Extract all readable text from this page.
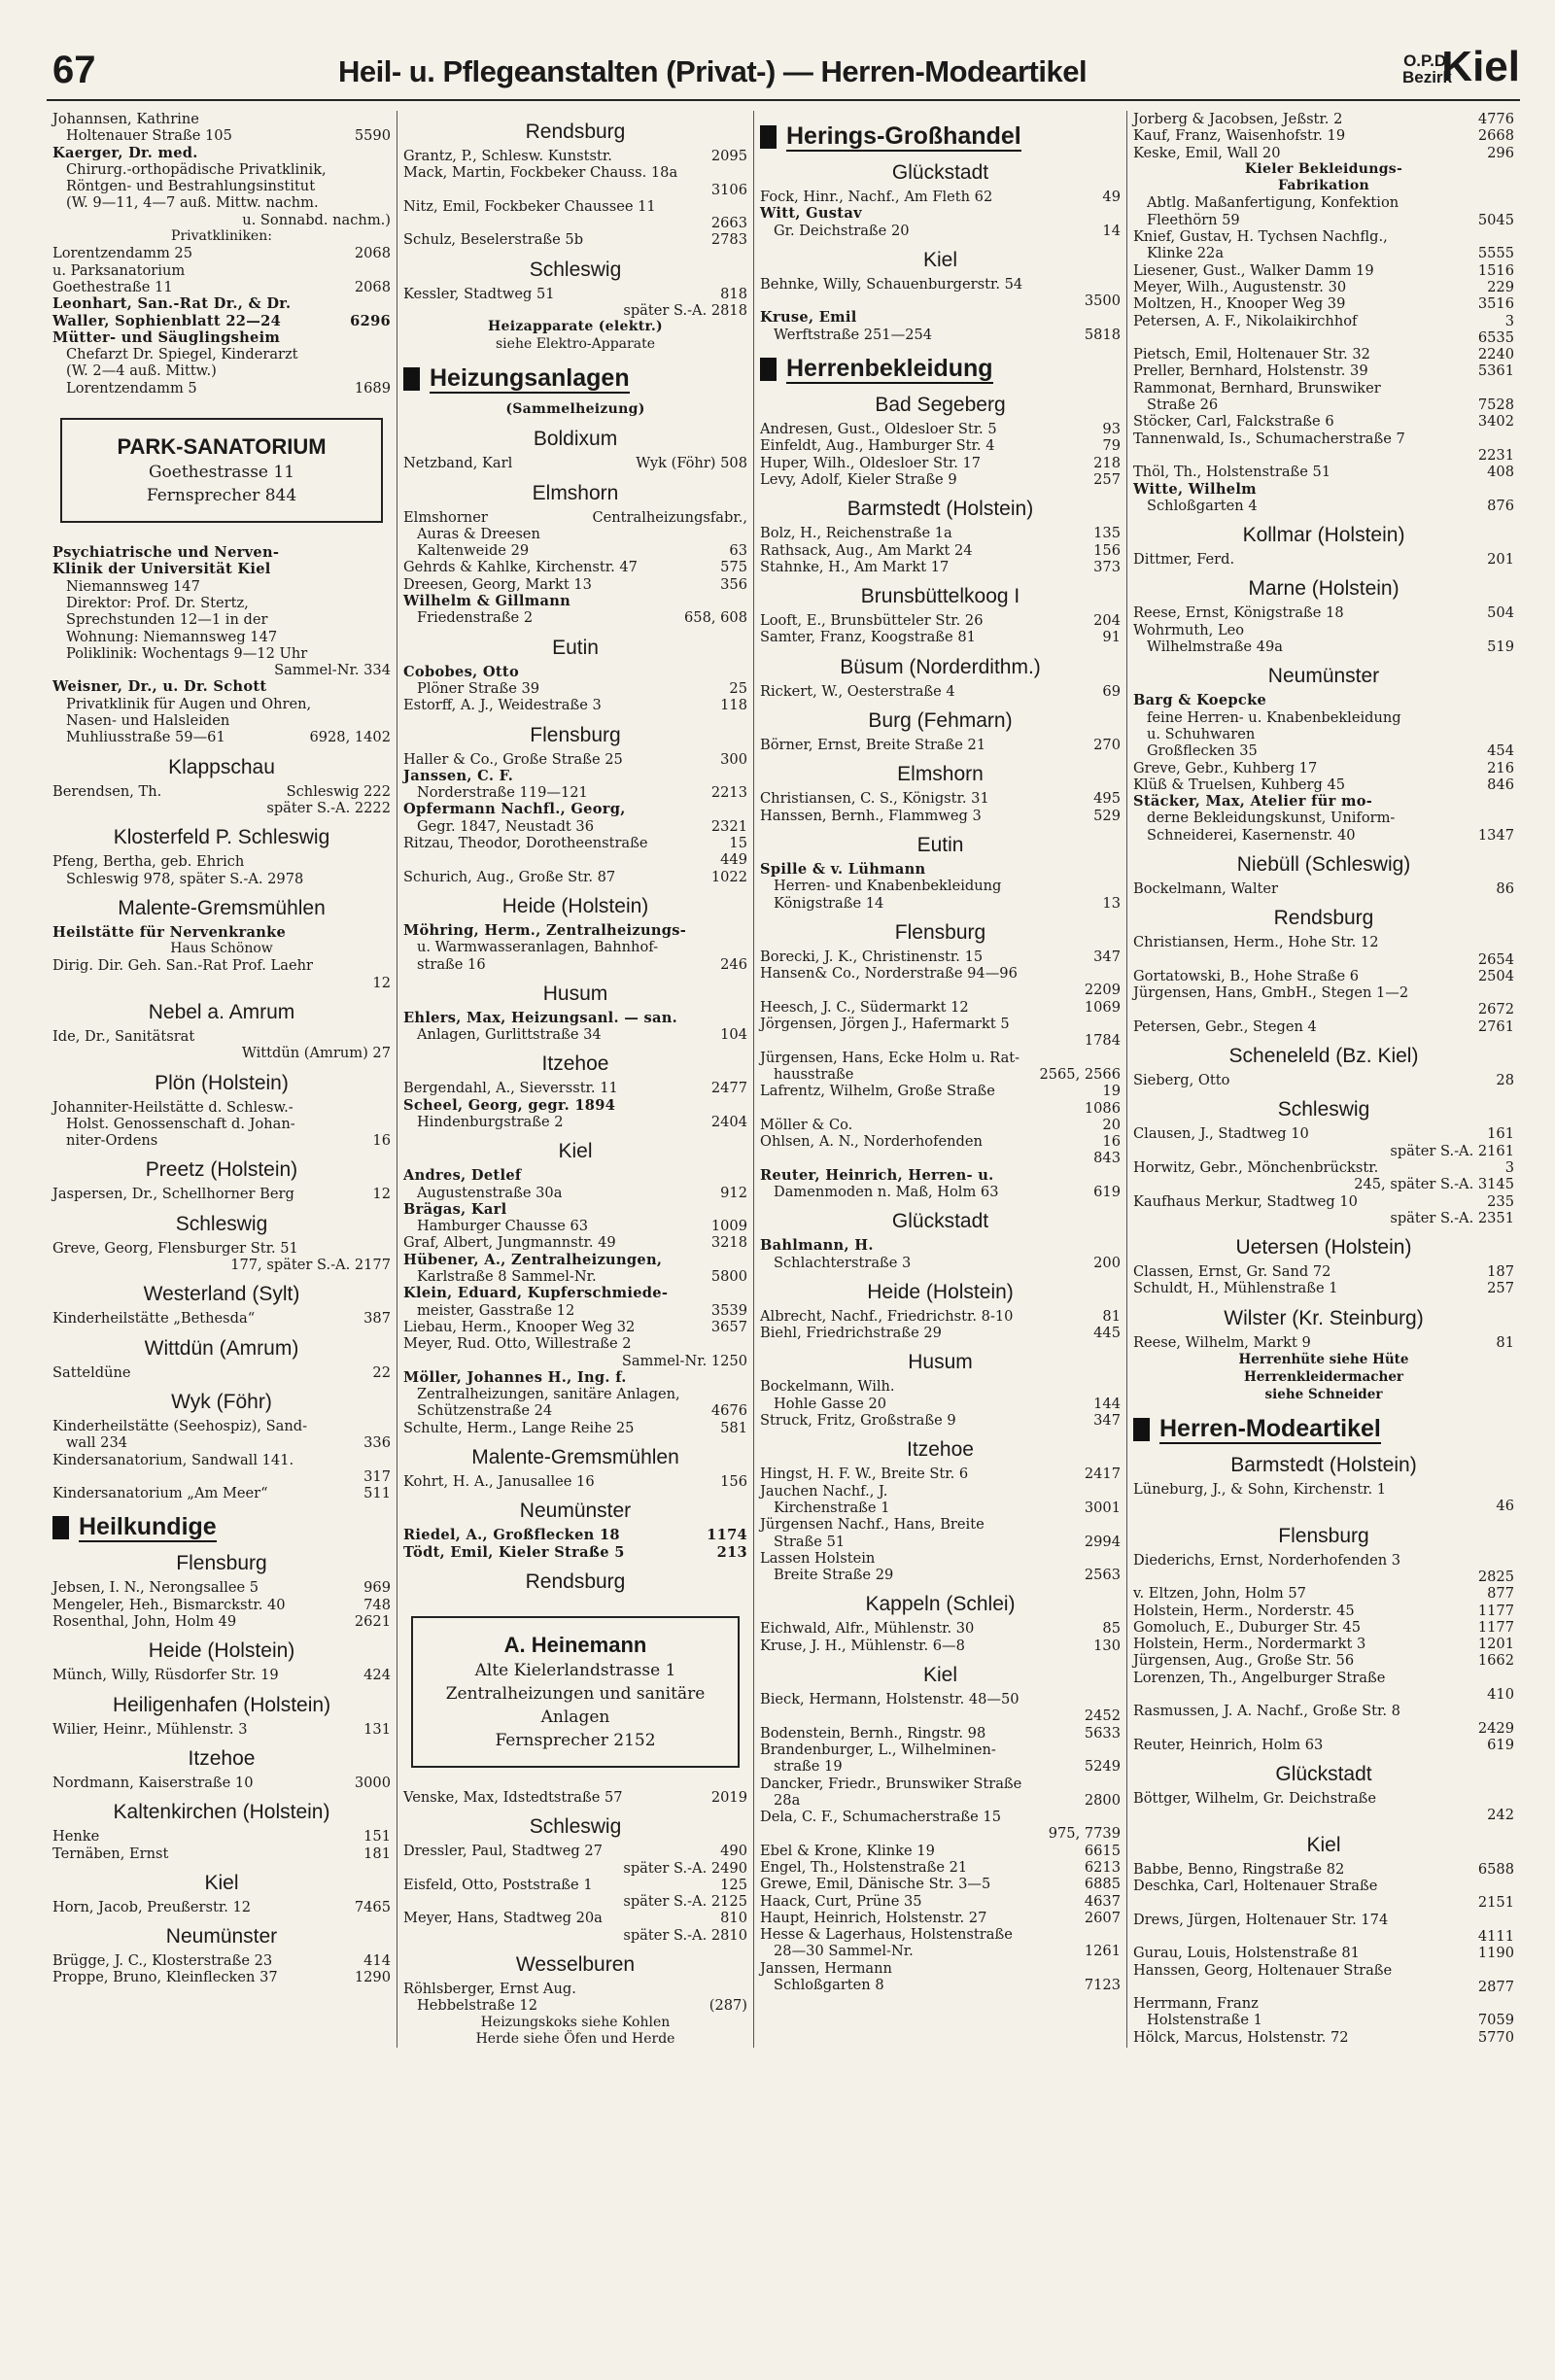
67	Heil- u. Pflegeanstalten (Privat-) — Herren-Modeartikel	O.P.D.
Bezirk
Kiel
Johannsen, Kathrine
Holtenauer Straße 105	5590
Kaerger, Dr. med.
Chirurg.-orthopädische Privatklinik,
Röntgen- und Bestrahlungsinstitut
(W. 9—11, 4—7 auß. Mittw. nachm.
u. Sonnabd. nachm.)
Privatkliniken:
Lorentzendamm 25	2068
u. Parksanatorium
Goethestraße 11	2068
Leonhart, San.-Rat Dr., & Dr.
Waller, Sophienblatt 22—24	6296
Mütter- und Säuglingsheim
Chefarzt Dr. Spiegel, Kinderarzt
(W. 2—4 auß. Mittw.)
Lorentzendamm 5	1689
PARK-SANATORIUM
Goethestrasse 11
Fernsprecher 844
Psychiatrische und Nerven-
Klinik der Universität Kiel
Niemannsweg 147
Direktor: Prof. Dr. Stertz,
Sprechstunden 12—1 in der
Wohnung: Niemannsweg 147
Poliklinik: Wochentags 9—12 Uhr
Sammel-Nr. 334
Weisner, Dr., u. Dr. Schott
Privatklinik für Augen und Ohren,
Nasen- und Halsleiden
Muhliusstraße 59—61	6928, 1402
Klappschau
Berendsen, Th.	Schleswig 222
später S.-A. 2222
Klosterfeld P. Schleswig
Pfeng, Bertha, geb. Ehrich
Schleswig 978, später S.-A. 2978
Malente-Gremsmühlen
Heilstätte für Nervenkranke
Haus Schönow
Dirig. Dir. Geh. San.-Rat Prof. Laehr
12
Nebel a. Amrum
Ide, Dr., Sanitätsrat
Wittdün (Amrum) 27
Plön (Holstein)
Johanniter-Heilstätte d. Schlesw.-
Holst. Genossenschaft d. Johan-
niter-Ordens	16
Preetz (Holstein)
Jaspersen, Dr., Schellhorner Berg	12
Schleswig
Greve, Georg, Flensburger Str. 51
177, später S.-A. 2177
Westerland (Sylt)
Kinderheilstätte „Bethesda“	387
Wittdün (Amrum)
Satteldüne	22
Wyk (Föhr)
Kinderheilstätte (Seehospiz), Sand-
wall 234	336
Kindersanatorium, Sandwall 141.
317
Kindersanatorium „Am Meer“	511
Heilkundige
Flensburg
Jebsen, I. N., Nerongsallee 5	969
Mengeler, Heh., Bismarckstr. 40	748
Rosenthal, John, Holm 49	2621
Heide (Holstein)
Münch, Willy, Rüsdorfer Str. 19	424
Heiligenhafen (Holstein)
Wilier, Heinr., Mühlenstr. 3	131
Itzehoe
Nordmann, Kaiserstraße 10	3000
Kaltenkirchen (Holstein)
Henke	151
Ternäben, Ernst	181
Kiel
Horn, Jacob, Preußerstr. 12	7465
Neumünster
Brügge, J. C., Klosterstraße 23	414
Proppe, Bruno, Kleinflecken 37	1290
Rendsburg
Grantz, P., Schlesw. Kunststr.	2095
Mack, Martin, Fockbeker Chauss. 18a
3106
Nitz, Emil, Fockbeker Chaussee 11
2663
Schulz, Beselerstraße 5b	2783
Schleswig
Kessler, Stadtweg 51	818
später S.-A. 2818
Heizapparate (elektr.)
siehe Elektro-Apparate
Heizungsanlagen
(Sammelheizung)
Boldixum
Netzband, Karl	Wyk (Föhr) 508
Elmshorn
Elmshorner	Centralheizungsfabr.,
Auras & Dreesen
Kaltenweide 29	63
Gehrds & Kahlke, Kirchenstr. 47	575
Dreesen, Georg, Markt 13	356
Wilhelm & Gillmann
Friedenstraße 2	658, 608
Eutin
Cobobes, Otto
Plöner Straße 39	25
Estorff, A. J., Weidestraße 3	118
Flensburg
Haller & Co., Große Straße 25	300
Janssen, C. F.
Norderstraße 119—121	2213
Opfermann Nachfl., Georg,
Gegr. 1847, Neustadt 36	2321
Ritzau, Theodor, Dorotheenstraße	15
449
Schurich, Aug., Große Str. 87	1022
Heide (Holstein)
Möhring, Herm., Zentralheizungs-
u. Warmwasseranlagen, Bahnhof-
straße 16	246
Husum
Ehlers, Max, Heizungsanl. — san.
Anlagen, Gurlittstraße 34	104
Itzehoe
Bergendahl, A., Sieversstr. 11	2477
Scheel, Georg, gegr. 1894
Hindenburgstraße 2	2404
Kiel
Andres, Detlef
Augustenstraße 30a	912
Brägas, Karl
Hamburger Chausse 63	1009
Graf, Albert, Jungmannstr. 49	3218
Hübener, A., Zentralheizungen,
Karlstraße 8 Sammel-Nr.	5800
Klein, Eduard, Kupferschmiede-
meister, Gasstraße 12	3539
Liebau, Herm., Knooper Weg 32	3657
Meyer, Rud. Otto, Willestraße 2
Sammel-Nr. 1250
Möller, Johannes H., Ing. f.
Zentralheizungen, sanitäre Anlagen,
Schützenstraße 24	4676
Schulte, Herm., Lange Reihe 25	581
Malente-Gremsmühlen
Kohrt, H. A., Janusallee 16	156
Neumünster
Riedel, A., Großflecken 18	1174
Tödt, Emil, Kieler Straße 5	213
Rendsburg
A. Heinemann
Alte Kielerlandstrasse 1
Zentralheizungen und sanitäre
Anlagen
Fernsprecher 2152
Venske, Max, Idstedtstraße 57	2019
Schleswig
Dressler, Paul, Stadtweg 27	490
später S.-A. 2490
Eisfeld, Otto, Poststraße 1	125
später S.-A. 2125
Meyer, Hans, Stadtweg 20a	810
später S.-A. 2810
Wesselburen
Röhlsberger, Ernst Aug.
Hebbelstraße 12	(287)
Heizungskoks siehe Kohlen
Herde siehe Öfen und Herde
Herings-Großhandel
Glückstadt
Fock, Hinr., Nachf., Am Fleth 62	49
Witt, Gustav
Gr. Deichstraße 20	14
Kiel
Behnke, Willy, Schauenburgerstr. 54
3500
Kruse, Emil
Werftstraße 251—254	5818
Herrenbekleidung
Bad Segeberg
Andresen, Gust., Oldesloer Str. 5	93
Einfeldt, Aug., Hamburger Str. 4	79
Huper, Wilh., Oldesloer Str. 17	218
Levy, Adolf, Kieler Straße 9	257
Barmstedt (Holstein)
Bolz, H., Reichenstraße 1a	135
Rathsack, Aug., Am Markt 24	156
Stahnke, H., Am Markt 17	373
Brunsbüttelkoog I
Looft, E., Brunsbütteler Str. 26	204
Samter, Franz, Koogstraße 81	91
Büsum (Norderdithm.)
Rickert, W., Oesterstraße 4	69
Burg (Fehmarn)
Börner, Ernst, Breite Straße 21	270
Elmshorn
Christiansen, C. S., Königstr. 31	495
Hanssen, Bernh., Flammweg 3	529
Eutin
Spille & v. Lühmann
Herren- und Knabenbekleidung
Königstraße 14	13
Flensburg
Borecki, J. K., Christinenstr. 15	347
Hansen& Co., Norderstraße 94—96
2209
Heesch, J. C., Südermarkt 12	1069
Jörgensen, Jörgen J., Hafermarkt 5
1784
Jürgensen, Hans, Ecke Holm u. Rat-
hausstraße	2565, 2566
Lafrentz, Wilhelm, Große Straße	19
1086
Möller & Co.	20
Ohlsen, A. N., Norderhofenden	16
843
Reuter, Heinrich, Herren- u.
Damenmoden n. Maß, Holm 63	619
Glückstadt
Bahlmann, H.
Schlachterstraße 3	200
Heide (Holstein)
Albrecht, Nachf., Friedrichstr. 8-10	81
Biehl, Friedrichstraße 29	445
Husum
Bockelmann, Wilh.
Hohle Gasse 20	144
Struck, Fritz, Großstraße 9	347
Itzehoe
Hingst, H. F. W., Breite Str. 6	2417
Jauchen Nachf., J.
Kirchenstraße 1	3001
Jürgensen Nachf., Hans, Breite
Straße 51	2994
Lassen Holstein
Breite Straße 29	2563
Kappeln (Schlei)
Eichwald, Alfr., Mühlenstr. 30	85
Kruse, J. H., Mühlenstr. 6—8	130
Kiel
Bieck, Hermann, Holstenstr. 48—50
2452
Bodenstein, Bernh., Ringstr. 98	5633
Brandenburger, L., Wilhelminen-
straße 19	5249
Dancker, Friedr., Brunswiker Straße
28a	2800
Dela, C. F., Schumacherstraße 15
975, 7739
Ebel & Krone, Klinke 19	6615
Engel, Th., Holstenstraße 21	6213
Grewe, Emil, Dänische Str. 3—5	6885
Haack, Curt, Prüne 35	4637
Haupt, Heinrich, Holstenstr. 27	2607
Hesse & Lagerhaus, Holstenstraße
28—30 Sammel-Nr.	1261
Janssen, Hermann
Schloßgarten 8	7123
Jorberg & Jacobsen, Jeßstr. 2	4776
Kauf, Franz, Waisenhofstr. 19	2668
Keske, Emil, Wall 20	296
Kieler Bekleidungs-
Fabrikation
Abtlg. Maßanfertigung, Konfektion
Fleethörn 59	5045
Knief, Gustav, H. Tychsen Nachflg.,
Klinke 22a	5555
Liesener, Gust., Walker Damm 19	1516
Meyer, Wilh., Augustenstr. 30	229
Moltzen, H., Knooper Weg 39	3516
Petersen, A. F., Nikolaikirchhof	3
6535
Pietsch, Emil, Holtenauer Str. 32	2240
Preller, Bernhard, Holstenstr. 39	5361
Rammonat, Bernhard, Brunswiker
Straße 26	7528
Stöcker, Carl, Falckstraße 6	3402
Tannenwald, Is., Schumacherstraße 7
2231
Thöl, Th., Holstenstraße 51	408
Witte, Wilhelm
Schloßgarten 4	876
Kollmar (Holstein)
Dittmer, Ferd.	201
Marne (Holstein)
Reese, Ernst, Königstraße 18	504
Wohrmuth, Leo
Wilhelmstraße 49a	519
Neumünster
Barg & Koepcke
feine Herren- u. Knabenbekleidung
u. Schuhwaren
Großflecken 35	454
Greve, Gebr., Kuhberg 17	216
Klüß & Truelsen, Kuhberg 45	846
Stäcker, Max, Atelier für mo-
derne Bekleidungskunst, Uniform-
Schneiderei, Kasernenstr. 40	1347
Niebüll (Schleswig)
Bockelmann, Walter	86
Rendsburg
Christiansen, Herm., Hohe Str. 12
2654
Gortatowski, B., Hohe Straße 6	2504
Jürgensen, Hans, GmbH., Stegen 1—2
2672
Petersen, Gebr., Stegen 4	2761
Scheneleld (Bz. Kiel)
Sieberg, Otto	28
Schleswig
Clausen, J., Stadtweg 10	161
später S.-A. 2161
Horwitz, Gebr., Mönchenbrückstr.	3
245, später S.-A. 3145
Kaufhaus Merkur, Stadtweg 10	235
später S.-A. 2351
Uetersen (Holstein)
Classen, Ernst, Gr. Sand 72	187
Schuldt, H., Mühlenstraße 1	257
Wilster (Kr. Steinburg)
Reese, Wilhelm, Markt 9	81
Herrenhüte siehe Hüte
Herrenkleidermacher
siehe Schneider
Herren-Modeartikel
Barmstedt (Holstein)
Lüneburg, J., & Sohn, Kirchenstr. 1
46
Flensburg
Diederichs, Ernst, Norderhofenden 3
2825
v. Eltzen, John, Holm 57	877
Holstein, Herm., Norderstr. 45	1177
Gomoluch, E., Duburger Str. 45	1177
Holstein, Herm., Nordermarkt 3	1201
Jürgensen, Aug., Große Str. 56	1662
Lorenzen, Th., Angelburger Straße
410
Rasmussen, J. A. Nachf., Große Str. 8
2429
Reuter, Heinrich, Holm 63	619
Glückstadt
Böttger, Wilhelm, Gr. Deichstraße
242
Kiel
Babbe, Benno, Ringstraße 82	6588
Deschka, Carl, Holtenauer Straße
2151
Drews, Jürgen, Holtenauer Str. 174
4111
Gurau, Louis, Holstenstraße 81	1190
Hanssen, Georg, Holtenauer Straße
2877
Herrmann, Franz
Holstenstraße 1	7059
Hölck, Marcus, Holstenstr. 72	5770
